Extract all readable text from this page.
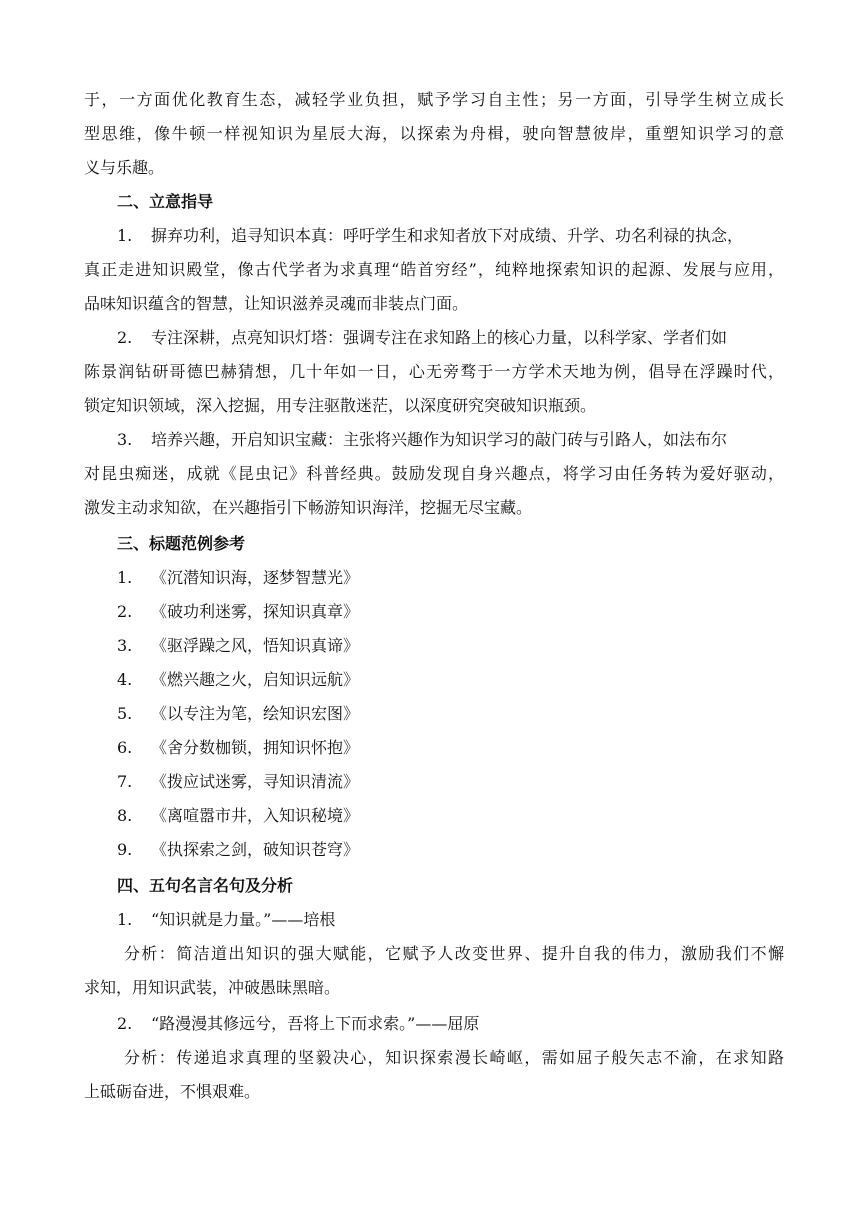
于，一方面优化教育生态，减轻学业负担，赋予学习自主性；另一方面，引导学生树立成长
型思维，像牛顿一样视知识为星辰大海，以探索为舟楫，驶向智慧彼岸，重塑知识学习的意
义与乐趣。
二、立意指导
1. 摒弃功利，追寻知识本真：呼吁学生和求知者放下对成绩、升学、功名利禄的执念，
真正走进知识殿堂，像古代学者为求真理“皓首穷经”，纯粹地探索知识的起源、发展与应用，
品味知识蕴含的智慧，让知识滋养灵魂而非装点门面。
2. 专注深耕，点亮知识灯塔：强调专注在求知路上的核心力量，以科学家、学者们如
陈景润钻研哥德巴赫猜想，几十年如一日，心无旁骛于一方学术天地为例，倡导在浮躁时代，
锁定知识领域，深入挖掘，用专注驱散迷茫，以深度研究突破知识瓶颈。
3. 培养兴趣，开启知识宝藏：主张将兴趣作为知识学习的敲门砖与引路人，如法布尔
对昆虫痴迷，成就《昆虫记》科普经典。鼓励发现自身兴趣点，将学习由任务转为爱好驱动，
激发主动求知欲，在兴趣指引下畅游知识海洋，挖掘无尽宝藏。
三、标题范例参考
1. 《沉潜知识海，逐梦智慧光》
2. 《破功利迷雾，探知识真章》
3. 《驱浮躁之风，悟知识真谛》
4. 《燃兴趣之火，启知识远航》
5. 《以专注为笔，绘知识宏图》
6. 《舍分数枷锁，拥知识怀抱》
7. 《拨应试迷雾，寻知识清流》
8. 《离喧嚣市井，入知识秘境》
9. 《执探索之剑，破知识苍穹》
四、五句名言名句及分析
1. “知识就是力量。”——培根
分析：简洁道出知识的强大赋能，它赋予人改变世界、提升自我的伟力，激励我们不懈
求知，用知识武装，冲破愚昧黑暗。
2. “路漫漫其修远兮，吾将上下而求索。”——屈原
分析：传递追求真理的坚毅决心，知识探索漫长崎岖，需如屈子般矢志不渝，在求知路
上砥砺奋进，不惧艰难。
